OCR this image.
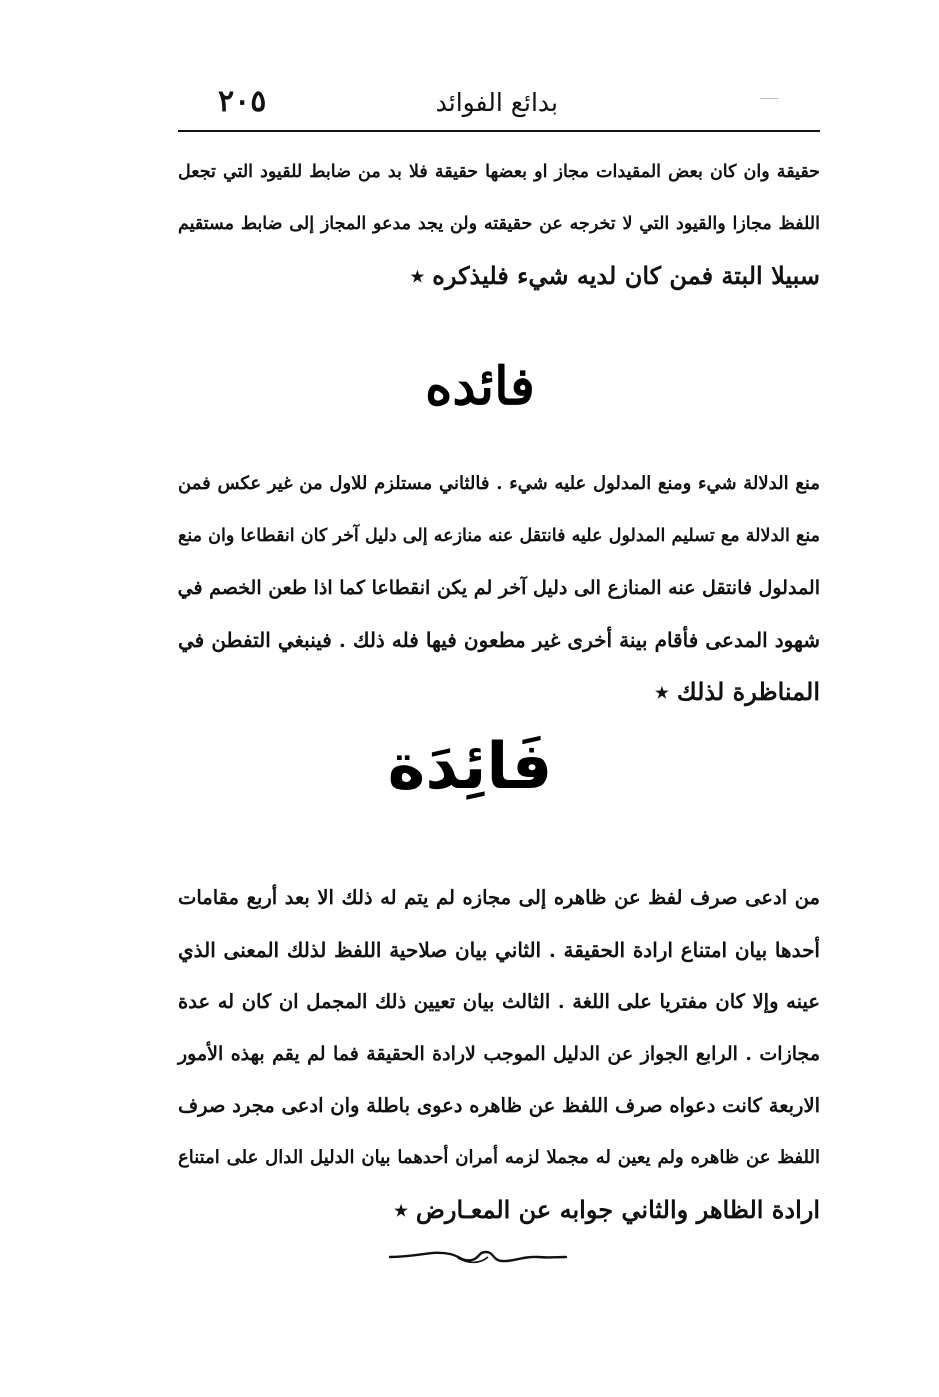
بدائع الفوائد
٢٠٥
حقيقة وان كان بعض المقيدات مجاز او بعضها حقيقة فلا بد من ضابط للقيود التي تجعل
اللفظ مجازا والقيود التي لا تخرجه عن حقيقته ولن يجد مدعو المجاز إلى ضابط مستقيم
سبيلا البتة فمن كان لديه شيء فليذكره ٭
فائده
منع الدلالة شيء ومنع المدلول عليه شيء . فالثاني مستلزم للاول من غير عكس فمن
منع الدلالة مع تسليم المدلول عليه فانتقل عنه منازعه إلى دليل آخر كان انقطاعا وان منع
المدلول فانتقل عنه المنازع الى دليل آخر لم يكن انقطاعا كما اذا طعن الخصم في
شهود المدعى فأقام بينة أخرى غير مطعون فيها فله ذلك . فينبغي التفطن في
المناظرة لذلك ٭
فَائِدَة
من ادعى صرف لفظ عن ظاهره إلى مجازه لم يتم له ذلك الا بعد أربع مقامات
أحدها بيان امتناع ارادة الحقيقة . الثاني بيان صلاحية اللفظ لذلك المعنى الذي
عينه وإلا كان مفتريا على اللغة . الثالث بيان تعيين ذلك المجمل ان كان له عدة
مجازات . الرابع الجواز عن الدليل الموجب لارادة الحقيقة فما لم يقم بهذه الأمور
الاربعة كانت دعواه صرف اللفظ عن ظاهره دعوى باطلة وان ادعى مجرد صرف
اللفظ عن ظاهره ولم يعين له مجملا لزمه أمران أحدهما بيان الدليل الدال على امتناع
ارادة الظاهر والثاني جوابه عن المعـارض ٭
